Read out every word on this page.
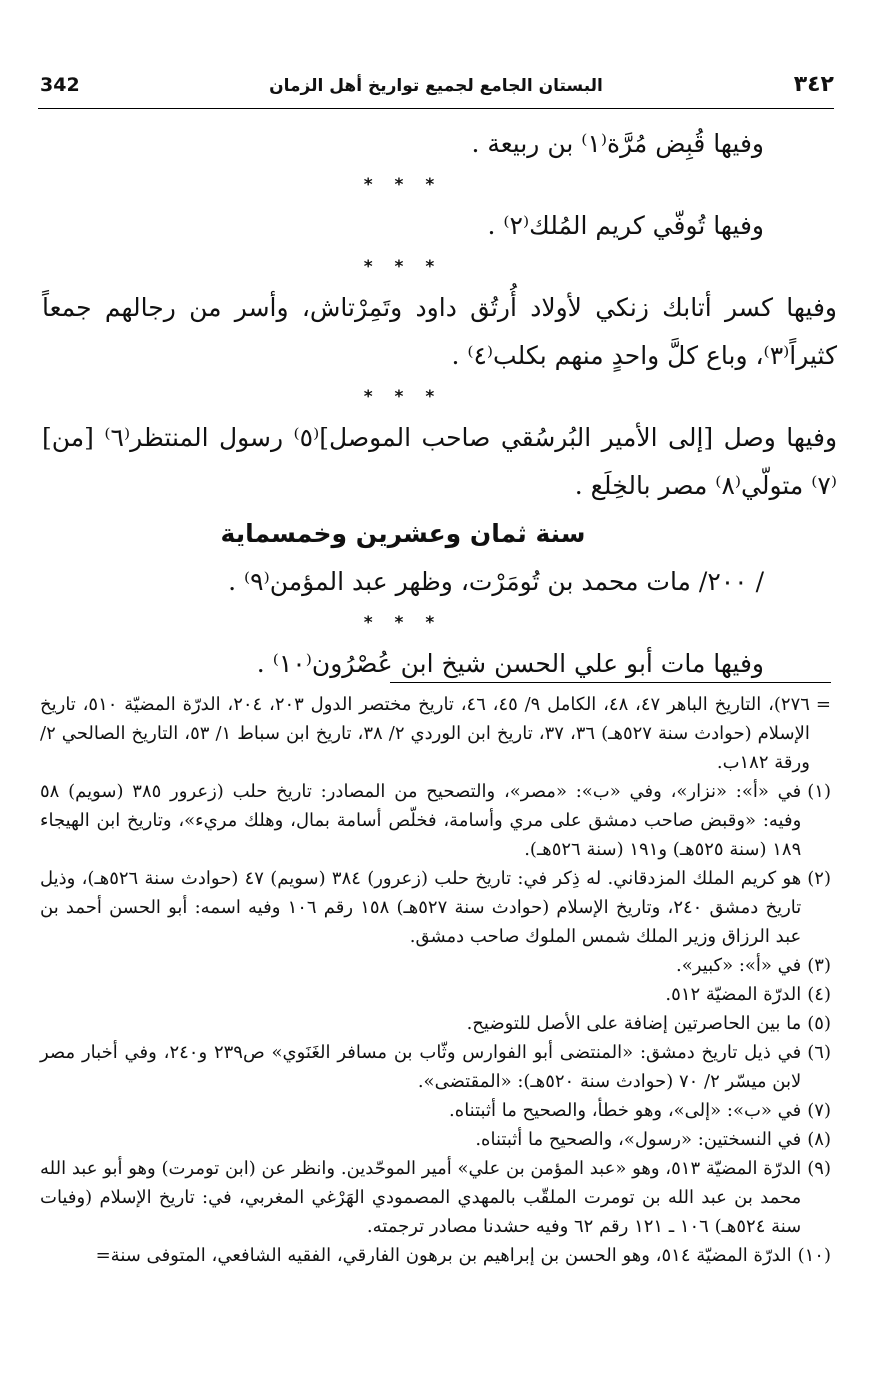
342	البستان الجامع لجميع تواريخ أهل الزمان	٣٤٢

وفيها قُبِض مُرَّة⁽١⁾ بن ربيعة .

* * *

وفيها تُوفّي كريم المُلك⁽٢⁾ .

* * *

وفيها كسر أتابك زنكي لأولاد أُرتُق داود وتَمِرْتاش، وأسر من رجالهم جمعاً كثيراً⁽٣⁾، وباع كلَّ واحدٍ منهم بكلب⁽٤⁾ .

* * *

وفيها وصل [إلى الأمير البُرسُقي صاحب الموصل]⁽٥⁾ رسول المنتظر⁽٦⁾ [من]⁽٧⁾ متولّي⁽٨⁾ مصر بالخِلَع .

سنة ثمان وعشرين وخمسماية

/ ٢٠٠/ مات محمد بن تُومَرْت، وظهر عبد المؤمن⁽٩⁾ .

* * *

وفيها مات أبو علي الحسن شيخ ابن عُصْرُون⁽١٠⁾ .

=
٢٧٦)، التاريخ الباهر ٤٧، ٤٨، الكامل ٩/ ٤٥، ٤٦، تاريخ مختصر الدول ٢٠٣، ٢٠٤، الدرّة المضيّة ٥١٠، تاريخ الإسلام (حوادث سنة ٥٢٧هـ) ٣٦، ٣٧، تاريخ ابن الوردي ٢/ ٣٨، تاريخ ابن سباط ١/ ٥٣، التاريخ الصالحي ٢/ورقة ١٨٢ب.
(١)
في «أ»: «نزار»، وفي «ب»: «مصر»، والتصحيح من المصادر: تاريخ حلب (زعرور ٣٨٥ (سويم) ٥٨ وفيه: «وقبض صاحب دمشق على مري وأسامة، فخلّص أسامة بمال، وهلك مريء»، وتاريخ ابن الهيجاء ١٨٩ (سنة ٥٢٥هـ) و١٩١ (سنة ٥٢٦هـ).
(٢)
هو كريم الملك المزدقاني. له ذِكر في: تاريخ حلب (زعرور) ٣٨٤ (سويم) ٤٧ (حوادث سنة ٥٢٦هـ)، وذيل تاريخ دمشق ٢٤٠، وتاريخ الإسلام (حوادث سنة ٥٢٧هـ) ١٥٨ رقم ١٠٦ وفيه اسمه: أبو الحسن أحمد بن عبد الرزاق وزير الملك شمس الملوك صاحب دمشق.
(٣)
في «أ»: «كبير».
(٤)
الدرّة المضيّة ٥١٢.
(٥)
ما بين الحاصرتين إضافة على الأصل للتوضيح.
(٦)
في ذيل تاريخ دمشق: «المنتضى أبو الفوارس وثّاب بن مسافر الغَنَوي» ص٢٣٩ و٢٤٠، وفي أخبار مصر لابن ميسّر ٢/ ٧٠ (حوادث سنة ٥٢٠هـ): «المقتضى».
(٧)
في «ب»: «إلى»، وهو خطأ، والصحيح ما أثبتناه.
(٨)
في النسختين: «رسول»، والصحيح ما أثبتناه.
(٩)
الدرّة المضيّة ٥١٣، وهو «عبد المؤمن بن علي» أمير الموحّدين. وانظر عن (ابن تومرت) وهو أبو عبد الله محمد بن عبد الله بن تومرت الملقّب بالمهدي المصمودي الهَرْغي المغربي، في: تاريخ الإسلام (وفيات سنة ٥٢٤هـ) ١٠٦ ـ ١٢١ رقم ٦٢ وفيه حشدنا مصادر ترجمته.
(١٠)
الدرّة المضيّة ٥١٤، وهو الحسن بن إبراهيم بن برهون الفارقي، الفقيه الشافعي، المتوفى سنة=
